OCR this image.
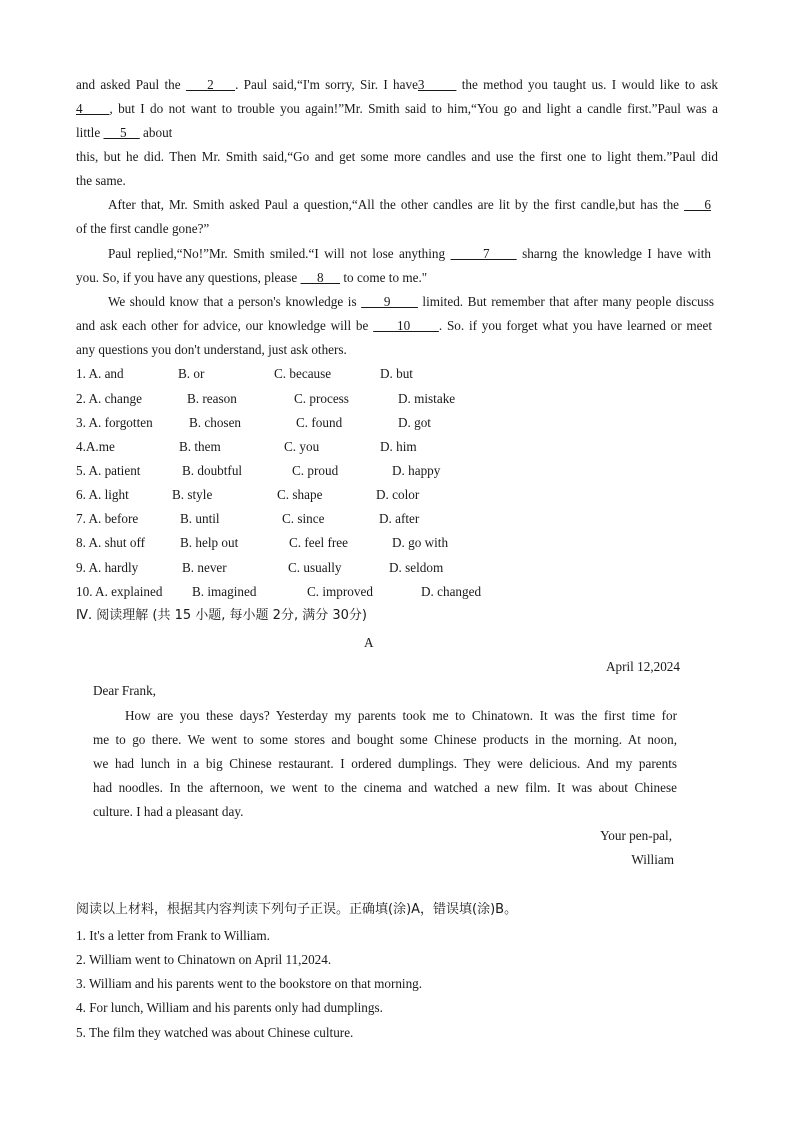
and asked Paul the     2    . Paul said,“I'm sorry, Sir. I have3       the method you taught us. I would like to ask
4     , but I do not want to trouble you again!”Mr. Smith said to him,“You go and light a candle first.”Paul was a
little      5     about
this, but he did. Then Mr. Smith said,“Go and get some more candles and use the first one to light them.”Paul did
the same.
After that, Mr. Smith asked Paul a question,“All the other candles are lit by the first candle,but has the     6
of the first candle gone?”
Paul replied,“No!”Mr. Smith smiled.“I will not lose anything       7      sharng the knowledge I have with
you. So, if you have any questions, please      8      to come to me."
We should know that a person's knowledge is      9       limited. But remember that after many people discuss
and ask each other for advice, our knowledge will be      10      . So. if you forget what you have learned or meet
any questions you don't understand, just ask others.
1. A. and	B. or	C. because	D. but
2. A. change	B. reason	C. process	D. mistake
3. A. forgotten	B. chosen	C. found	D. got
4.A.me	B. them	C. you	D. him
5. A. patient	B. doubtful	C. proud	D. happy
6. A. light	B. style	C. shape	D. color
7. A. before	B. until	C. since	D. after
8. A. shut off	B. help out	C. feel free	D. go with
9. A. hardly	B. never	C. usually	D. seldom
10. A. explained B. imagined	C. improved	D. changed
Ⅳ. 阅读理解 (共 15 小题, 每小题 2分, 满分 30分)
A
April 12,2024
Dear Frank,
How are you these days? Yesterday my parents took me to Chinatown. It was the first time for
me to go there. We went to some stores and bought some Chinese products in the morning. At noon,
we had lunch in a big Chinese restaurant. I ordered dumplings. They were delicious. And my parents
had noodles. In the afternoon, we went to the cinema and watched a new film. It was about Chinese
culture. I had a pleasant day.
Your pen-pal,
William
阅读以上材料，根据其内容判读下列句子正误。正确填(涂)A，错误填(涂)B。
1. It's a letter from Frank to William.
2. William went to Chinatown on April 11,2024.
3. William and his parents went to the bookstore on that morning.
4. For lunch, William and his parents only had dumplings.
5. The film they watched was about Chinese culture.
